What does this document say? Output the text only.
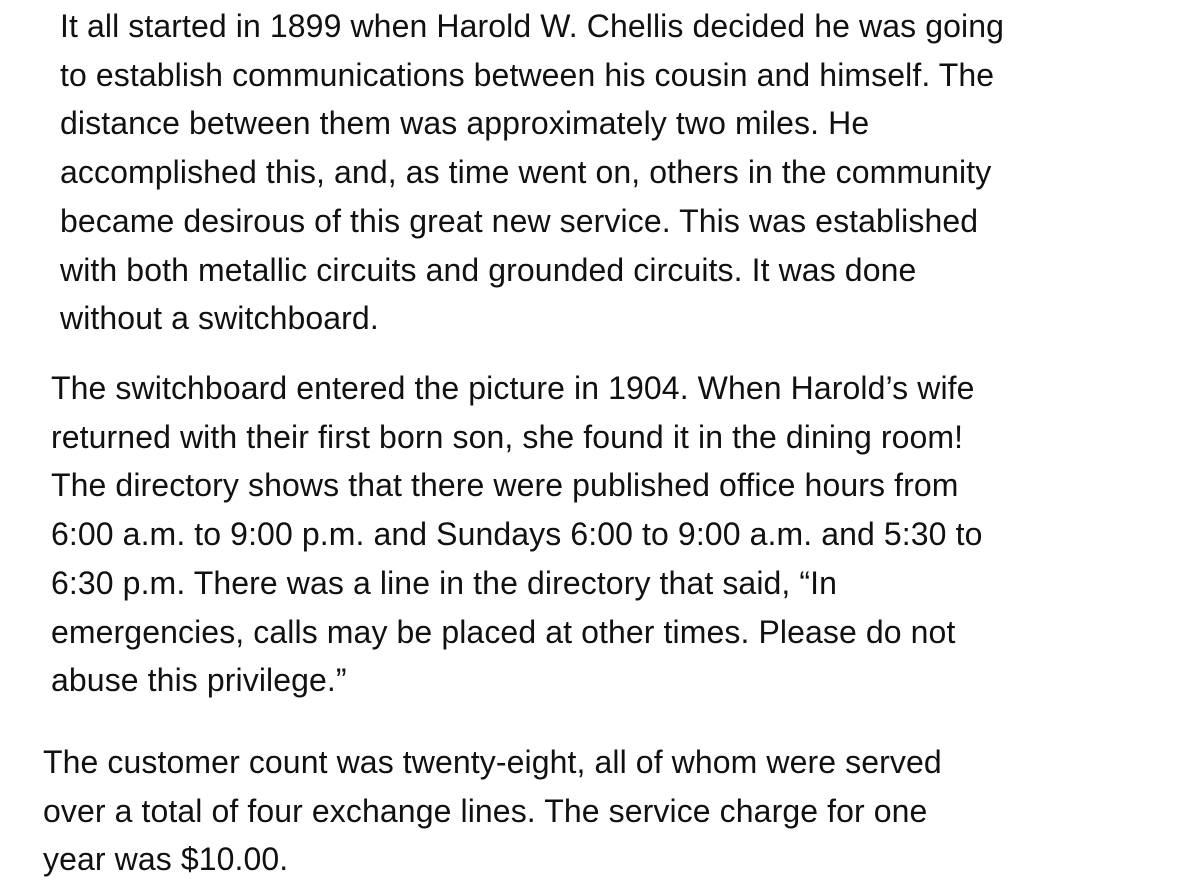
It all started in 1899 when Harold W. Chellis decided he was going
to establish communications between his cousin and himself. The
distance between them was approximately two miles. He
accomplished this, and, as time went on, others in the community
became desirous of this great new service. This was established
with both metallic circuits and grounded circuits. It was done
without a switchboard.

The switchboard entered the picture in 1904. When Harold’s wife
returned with their first born son, she found it in the dining room!
The directory shows that there were published office hours from
6:00 a.m. to 9:00 p.m. and Sundays 6:00 to 9:00 a.m. and 5:30 to
6:30 p.m. There was a line in the directory that said, “In
emergencies, calls may be placed at other times. Please do not
abuse this privilege.”

The customer count was twenty-eight, all of whom were served
over a total of four exchange lines. The service charge for one
year was $10.00.
